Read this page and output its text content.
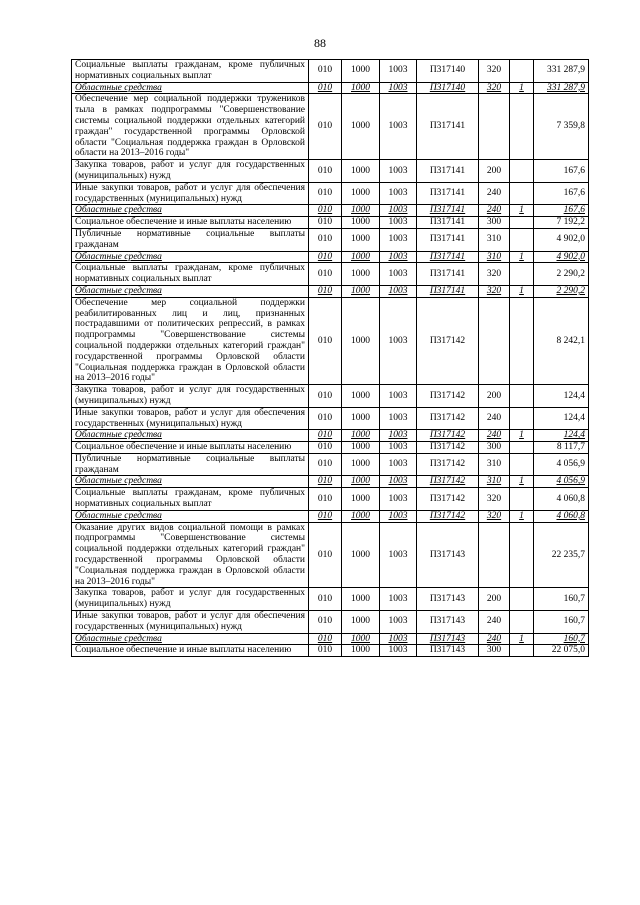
88
Социальные выплаты гражданам, кроме публичных нормативных социальных выплат	010	1000	1003	П317140	320		331 287,9
Областные средства	010	1000	1003	П317140	320	1	331 287,9
Обеспечение мер социальной поддержки тружеников тыла в рамках подпрограммы "Совершенствование системы социальной поддержки отдельных категорий граждан" государственной программы Орловской области "Социальная поддержка граждан в Орловской области на 2013–2016 годы"	010	1000	1003	П317141			7 359,8
Закупка товаров, работ и услуг для государственных (муниципальных) нужд	010	1000	1003	П317141	200		167,6
Иные закупки товаров, работ и услуг для обеспечения государственных (муниципальных) нужд	010	1000	1003	П317141	240		167,6
Областные средства	010	1000	1003	П317141	240	1	167,6
Социальное обеспечение и иные выплаты населению	010	1000	1003	П317141	300		7 192,2
Публичные нормативные социальные выплаты гражданам	010	1000	1003	П317141	310		4 902,0
Областные средства	010	1000	1003	П317141	310	1	4 902,0
Социальные выплаты гражданам, кроме публичных нормативных социальных выплат	010	1000	1003	П317141	320		2 290,2
Областные средства	010	1000	1003	П317141	320	1	2 290,2
Обеспечение мер социальной поддержки реабилитированных лиц и лиц, признанных пострадавшими от политических репрессий, в рамках подпрограммы "Совершенствование системы социальной поддержки отдельных категорий граждан" государственной программы Орловской области "Социальная поддержка граждан в Орловской области на 2013–2016 годы"	010	1000	1003	П317142			8 242,1
Закупка товаров, работ и услуг для государственных (муниципальных) нужд	010	1000	1003	П317142	200		124,4
Иные закупки товаров, работ и услуг для обеспечения государственных (муниципальных) нужд	010	1000	1003	П317142	240		124,4
Областные средства	010	1000	1003	П317142	240	1	124,4
Социальное обеспечение и иные выплаты населению	010	1000	1003	П317142	300		8 117,7
Публичные нормативные социальные выплаты гражданам	010	1000	1003	П317142	310		4 056,9
Областные средства	010	1000	1003	П317142	310	1	4 056,9
Социальные выплаты гражданам, кроме публичных нормативных социальных выплат	010	1000	1003	П317142	320		4 060,8
Областные средства	010	1000	1003	П317142	320	1	4 060,8
Оказание других видов социальной помощи в рамках подпрограммы "Совершенствование системы социальной поддержки отдельных категорий граждан" государственной программы Орловской области "Социальная поддержка граждан в Орловской области на 2013–2016 годы"	010	1000	1003	П317143			22 235,7
Закупка товаров, работ и услуг для государственных (муниципальных) нужд	010	1000	1003	П317143	200		160,7
Иные закупки товаров, работ и услуг для обеспечения государственных (муниципальных) нужд	010	1000	1003	П317143	240		160,7
Областные средства	010	1000	1003	П317143	240	1	160,7
Социальное обеспечение и иные выплаты населению	010	1000	1003	П317143	300		22 075,0
